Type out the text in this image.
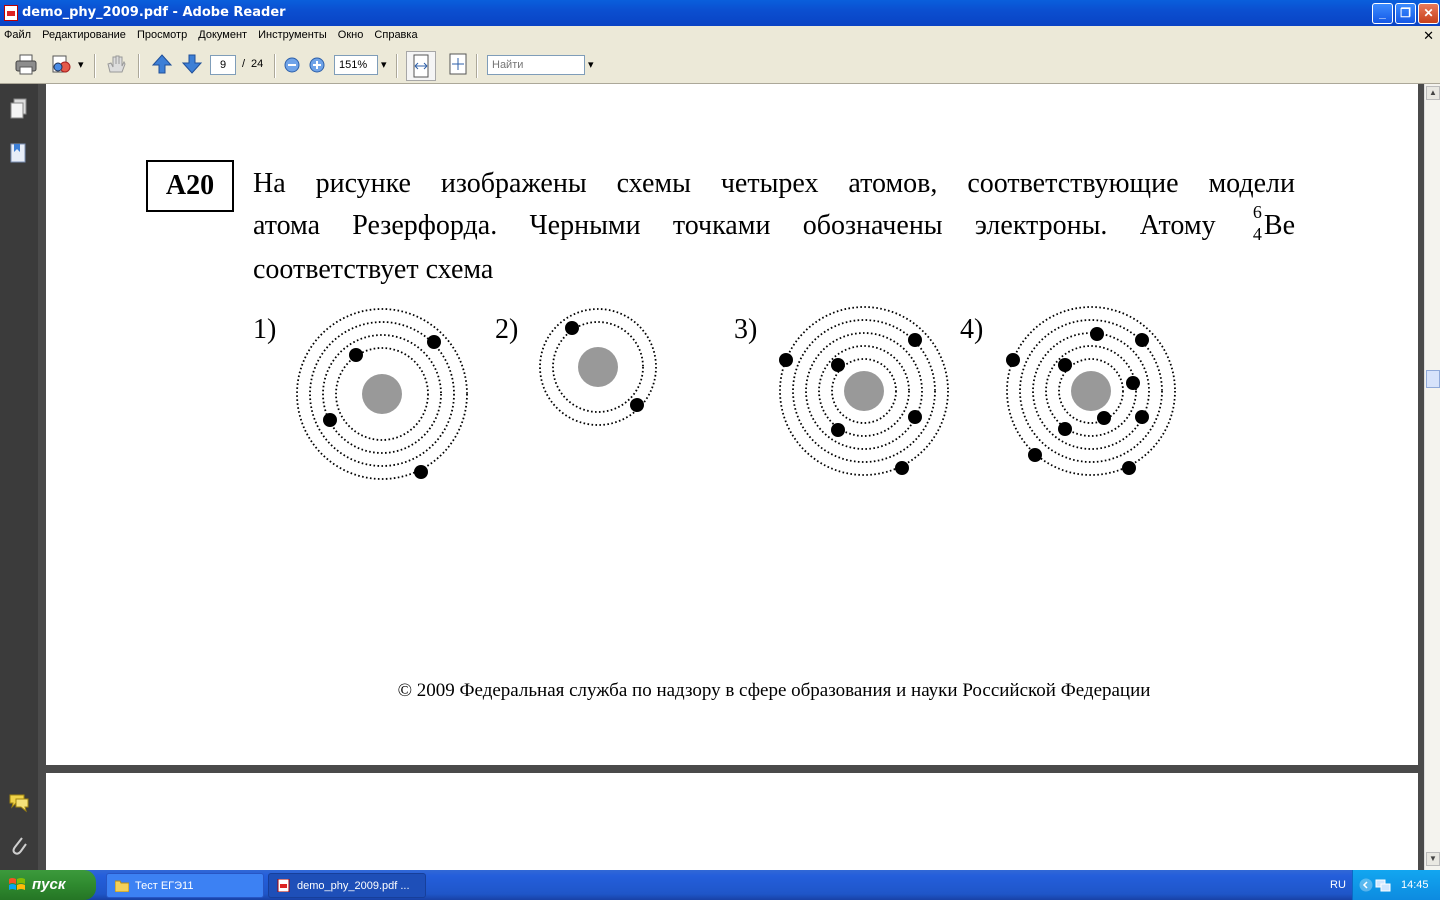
demo_phy_2009.pdf - Adobe Reader	_	❐	✕
Файл Редактирование Просмотр Документ Инструменты Окно Справка	✕
▾
9	/ 24
151%	▾
Найти	▾
А20	На рисунке изображены схемы четырех атомов, соответствующие модели
атома Резерфорда. Черными точками обозначены электроны. Атому 6
4 Be
соответствует схема
1)	2)	3)	4)
© 2009 Федеральная служба по надзору в сфере образования и науки Российской Федерации
▲
▼
пуск	Тест ЕГЭ11	demo_phy_2009.pdf ...	RU	14:45
